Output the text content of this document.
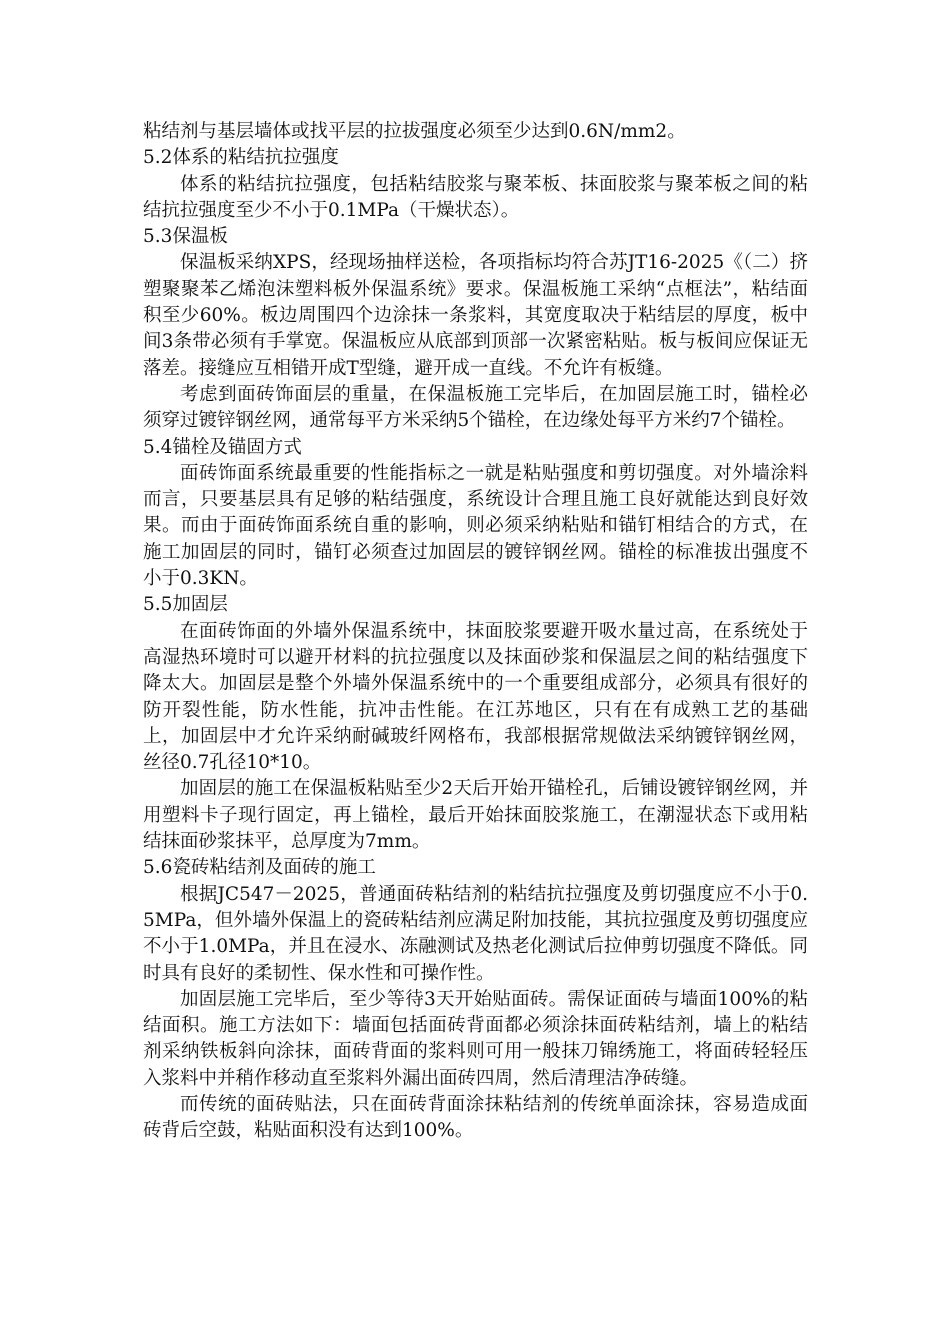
粘结剂与基层墙体或找平层的拉拔强度必须至少达到0.6N/mm2。

5.2体系的粘结抗拉强度

体系的粘结抗拉强度，包括粘结胶浆与聚苯板、抹面胶浆与聚苯板之间的粘结抗拉强度至少不小于0.1MPa（干燥状态）。

5.3保温板

保温板采纳XPS，经现场抽样送检，各项指标均符合苏JT16-2025《（二）挤塑聚聚苯乙烯泡沫塑料板外保温系统》要求。保温板施工采纳“点框法”，粘结面积至少60%。板边周围四个边涂抹一条浆料，其宽度取决于粘结层的厚度，板中间3条带必须有手掌宽。保温板应从底部到顶部一次紧密粘贴。板与板间应保证无落差。接缝应互相错开成T型缝，避开成一直线。不允许有板缝。

考虑到面砖饰面层的重量，在保温板施工完毕后，在加固层施工时，锚栓必须穿过镀锌钢丝网，通常每平方米采纳5个锚栓，在边缘处每平方米约7个锚栓。

5.4锚栓及锚固方式

面砖饰面系统最重要的性能指标之一就是粘贴强度和剪切强度。对外墙涂料而言，只要基层具有足够的粘结强度，系统设计合理且施工良好就能达到良好效果。而由于面砖饰面系统自重的影响，则必须采纳粘贴和锚钉相结合的方式，在施工加固层的同时，锚钉必须查过加固层的镀锌钢丝网。锚栓的标准拔出强度不小于0.3KN。

5.5加固层

在面砖饰面的外墙外保温系统中，抹面胶浆要避开吸水量过高，在系统处于高湿热环境时可以避开材料的抗拉强度以及抹面砂浆和保温层之间的粘结强度下降太大。加固层是整个外墙外保温系统中的一个重要组成部分，必须具有很好的防开裂性能，防水性能，抗冲击性能。在江苏地区，只有在有成熟工艺的基础上，加固层中才允许采纳耐碱玻纤网格布，我部根据常规做法采纳镀锌钢丝网，丝径0.7孔径10*10。

加固层的施工在保温板粘贴至少2天后开始开锚栓孔，后铺设镀锌钢丝网，并用塑料卡子现行固定，再上锚栓，最后开始抹面胶浆施工，在潮湿状态下或用粘结抹面砂浆抹平，总厚度为7mm。

5.6瓷砖粘结剂及面砖的施工

根据JC547－2025，普通面砖粘结剂的粘结抗拉强度及剪切强度应不小于0.5MPa，但外墙外保温上的瓷砖粘结剂应满足附加技能，其抗拉强度及剪切强度应不小于1.0MPa，并且在浸水、冻融测试及热老化测试后拉伸剪切强度不降低。同时具有良好的柔韧性、保水性和可操作性。

加固层施工完毕后，至少等待3天开始贴面砖。需保证面砖与墙面100%的粘结面积。施工方法如下：墙面包括面砖背面都必须涂抹面砖粘结剂，墙上的粘结剂采纳铁板斜向涂抹，面砖背面的浆料则可用一般抹刀锦绣施工，将面砖轻轻压入浆料中并稍作移动直至浆料外漏出面砖四周，然后清理洁净砖缝。

而传统的面砖贴法，只在面砖背面涂抹粘结剂的传统单面涂抹，容易造成面砖背后空鼓，粘贴面积没有达到100%。
